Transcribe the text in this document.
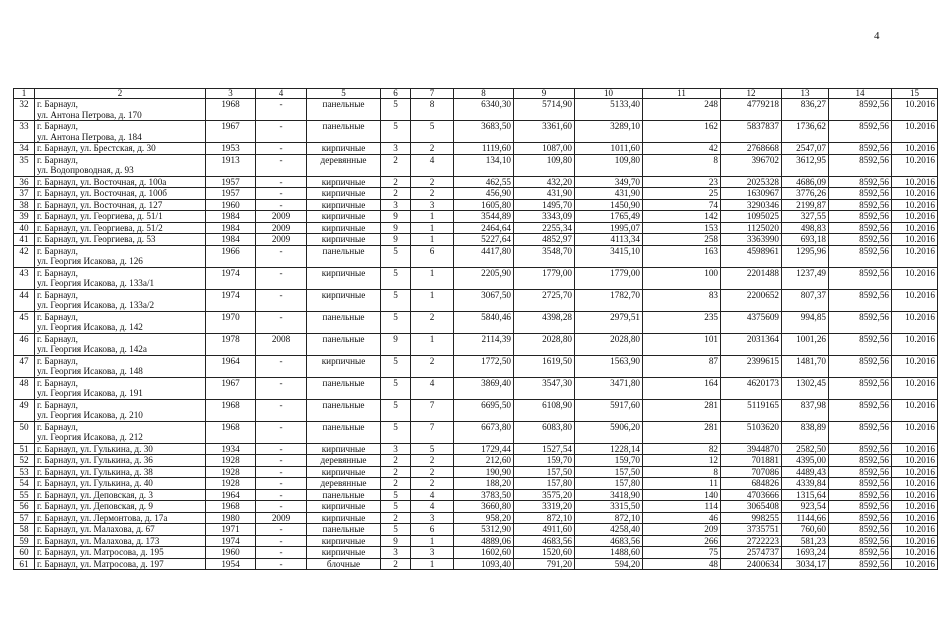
4
1	2	3	4	5	6	7	8	9	10	11	12	13	14	15
32	г. Барнаул,
ул. Антона Петрова, д. 170	1968	-	панельные	5	8	6340,30	5714,90	5133,40	248	4779218	836,27	8592,56	10.2016
33	г. Барнаул,
ул. Антона Петрова, д. 184	1967	-	панельные	5	5	3683,50	3361,60	3289,10	162	5837837	1736,62	8592,56	10.2016
34	г. Барнаул, ул. Брестская, д. 30	1953	-	кирпичные	3	2	1119,60	1087,00	1011,60	42	2768668	2547,07	8592,56	10.2016
35	г. Барнаул,
ул. Водопроводная, д. 93	1913	-	деревянные	2	4	134,10	109,80	109,80	8	396702	3612,95	8592,56	10.2016
36	г. Барнаул, ул. Восточная, д. 100а	1957	-	кирпичные	2	2	462,55	432,20	349,70	23	2025328	4686,09	8592,56	10.2016
37	г. Барнаул, ул. Восточная, д. 100б	1957	-	кирпичные	2	2	456,90	431,90	431,90	25	1630967	3776,26	8592,56	10.2016
38	г. Барнаул, ул. Восточная, д. 127	1960	-	кирпичные	3	3	1605,80	1495,70	1450,90	74	3290346	2199,87	8592,56	10.2016
39	г. Барнаул, ул. Георгиева, д. 51/1	1984	2009	кирпичные	9	1	3544,89	3343,09	1765,49	142	1095025	327,55	8592,56	10.2016
40	г. Барнаул, ул. Георгиева, д. 51/2	1984	2009	кирпичные	9	1	2464,64	2255,34	1995,07	153	1125020	498,83	8592,56	10.2016
41	г. Барнаул, ул. Георгиева, д. 53	1984	2009	кирпичные	9	1	5227,64	4852,97	4113,34	258	3363990	693,18	8592,56	10.2016
42	г. Барнаул,
ул. Георгия Исакова, д. 126	1966	-	панельные	5	6	4417,80	3548,70	3415,10	163	4598961	1295,96	8592,56	10.2016
43	г. Барнаул,
ул. Георгия Исакова, д. 133а/1	1974	-	кирпичные	5	1	2205,90	1779,00	1779,00	100	2201488	1237,49	8592,56	10.2016
44	г. Барнаул,
ул. Георгия Исакова, д. 133а/2	1974	-	кирпичные	5	1	3067,50	2725,70	1782,70	83	2200652	807,37	8592,56	10.2016
45	г. Барнаул,
ул. Георгия Исакова, д. 142	1970	-	панельные	5	2	5840,46	4398,28	2979,51	235	4375609	994,85	8592,56	10.2016
46	г. Барнаул,
ул. Георгия Исакова, д. 142а	1978	2008	панельные	9	1	2114,39	2028,80	2028,80	101	2031364	1001,26	8592,56	10.2016
47	г. Барнаул,
ул. Георгия Исакова, д. 148	1964	-	кирпичные	5	2	1772,50	1619,50	1563,90	87	2399615	1481,70	8592,56	10.2016
48	г. Барнаул,
ул. Георгия Исакова, д. 191	1967	-	панельные	5	4	3869,40	3547,30	3471,80	164	4620173	1302,45	8592,56	10.2016
49	г. Барнаул,
ул. Георгия Исакова, д. 210	1968	-	панельные	5	7	6695,50	6108,90	5917,60	281	5119165	837,98	8592,56	10.2016
50	г. Барнаул,
ул. Георгия Исакова, д. 212	1968	-	панельные	5	7	6673,80	6083,80	5906,20	281	5103620	838,89	8592,56	10.2016
51	г. Барнаул, ул. Гулькина, д. 30	1934	-	кирпичные	3	5	1729,44	1527,54	1228,14	82	3944870	2582,50	8592,56	10.2016
52	г. Барнаул, ул. Гулькина, д. 36	1928	-	деревянные	2	2	212,60	159,70	159,70	12	701881	4395,00	8592,56	10.2016
53	г. Барнаул, ул. Гулькина, д. 38	1928	-	кирпичные	2	2	190,90	157,50	157,50	8	707086	4489,43	8592,56	10.2016
54	г. Барнаул, ул. Гулькина, д. 40	1928	-	деревянные	2	2	188,20	157,80	157,80	11	684826	4339,84	8592,56	10.2016
55	г. Барнаул, ул. Деповская, д. 3	1964	-	панельные	5	4	3783,50	3575,20	3418,90	140	4703666	1315,64	8592,56	10.2016
56	г. Барнаул, ул. Деповская, д. 9	1968	-	кирпичные	5	4	3660,80	3319,20	3315,50	114	3065408	923,54	8592,56	10.2016
57	г. Барнаул, ул. Лермонтова, д. 17а	1980	2009	кирпичные	2	3	958,20	872,10	872,10	46	998255	1144,66	8592,56	10.2016
58	г. Барнаул, ул. Малахова, д. 67	1971	-	панельные	5	6	5312,90	4911,60	4258,40	209	3735751	760,60	8592,56	10.2016
59	г. Барнаул, ул. Малахова, д. 173	1974	-	кирпичные	9	1	4889,06	4683,56	4683,56	266	2722223	581,23	8592,56	10.2016
60	г. Барнаул, ул. Матросова, д. 195	1960	-	кирпичные	3	3	1602,60	1520,60	1488,60	75	2574737	1693,24	8592,56	10.2016
61	г. Барнаул, ул. Матросова, д. 197	1954	-	блочные	2	1	1093,40	791,20	594,20	48	2400634	3034,17	8592,56	10.2016
